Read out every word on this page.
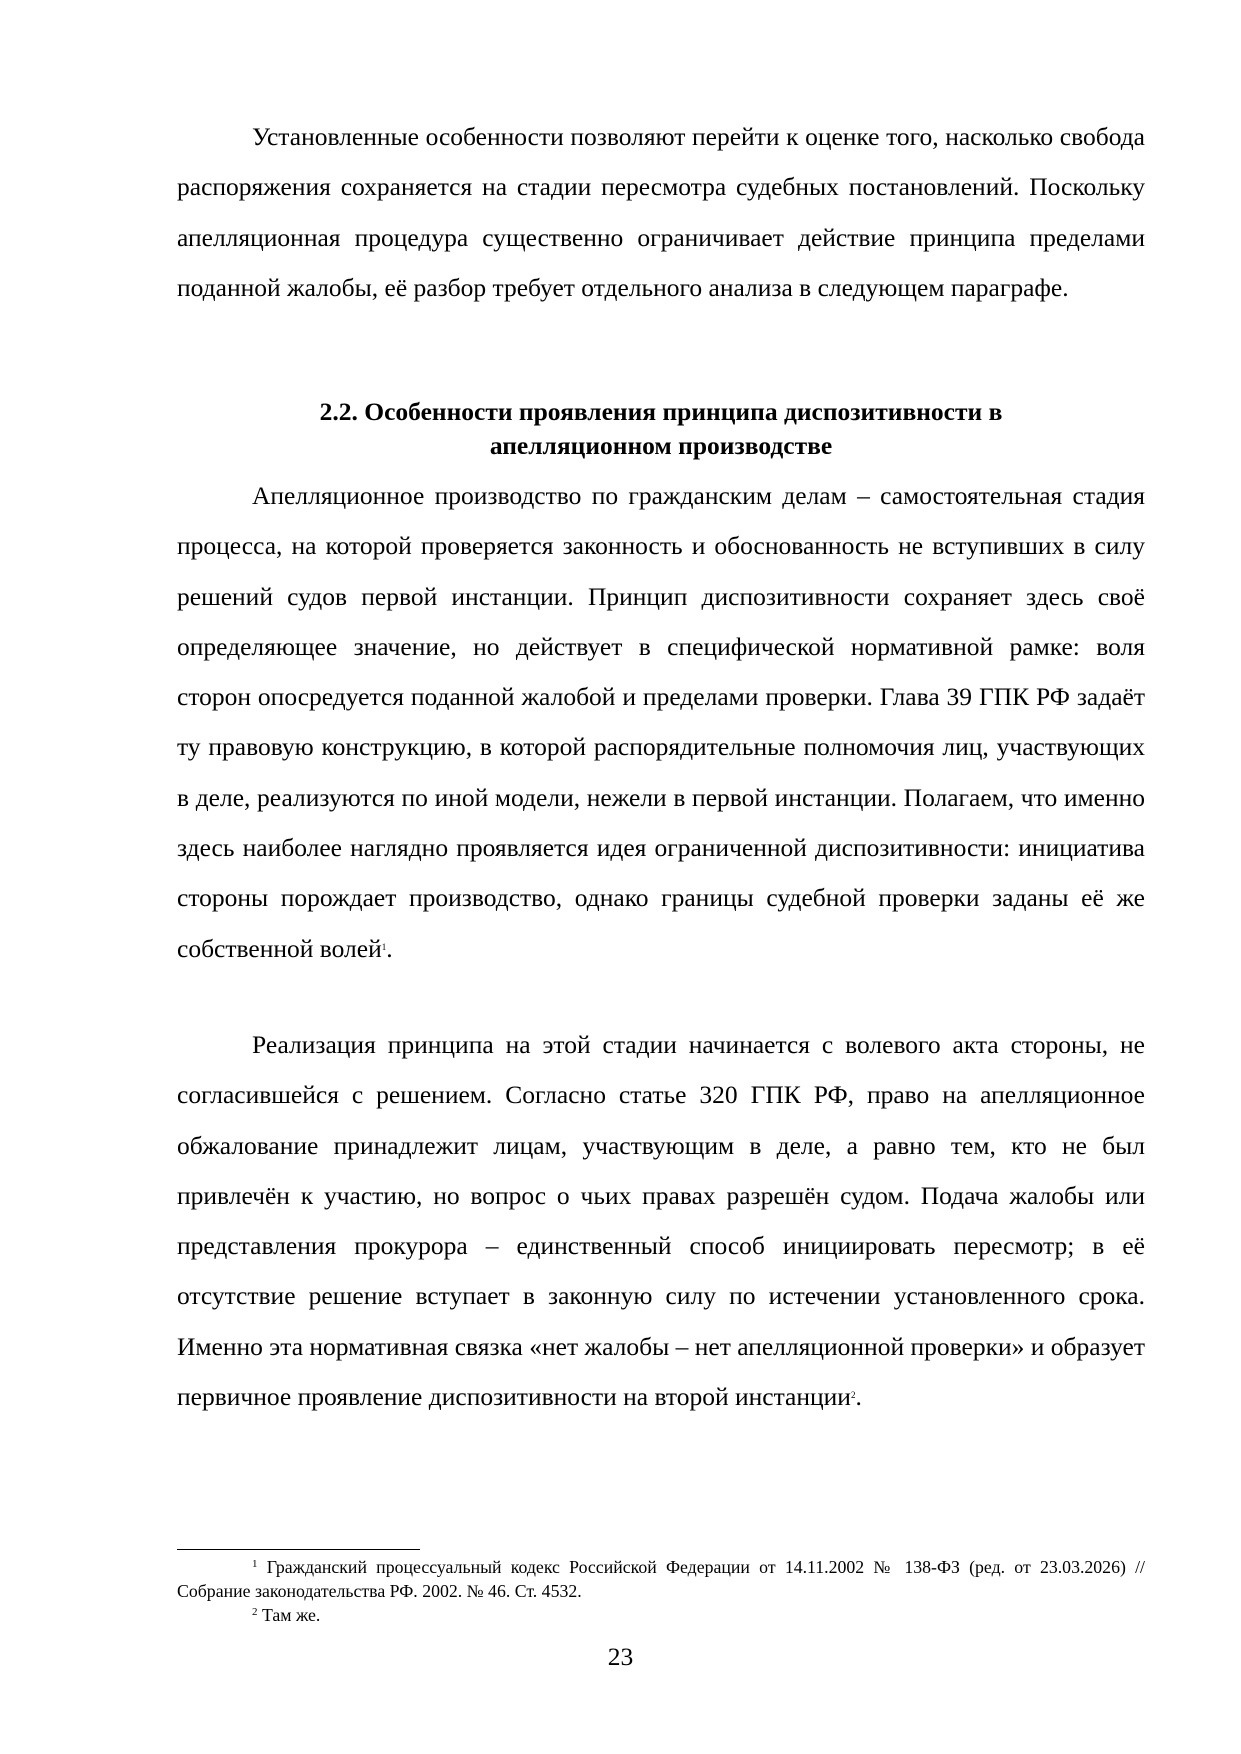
Установленные особенности позволяют перейти к оценке того, насколько свобода распоряжения сохраняется на стадии пересмотра судебных постановлений. Поскольку апелляционная процедура существенно ограничивает действие принципа пределами поданной жалобы, её разбор требует отдельного анализа в следующем параграфе.

2.2. Особенности проявления принципа диспозитивности в
апелляционном производстве

Апелляционное производство по гражданским делам – самостоятельная стадия процесса, на которой проверяется законность и обоснованность не вступивших в силу решений судов первой инстанции. Принцип диспозитивности сохраняет здесь своё определяющее значение, но действует в специфической нормативной рамке: воля сторон опосредуется поданной жалобой и пределами проверки. Глава 39 ГПК РФ задаёт ту правовую конструкцию, в которой распорядительные полномочия лиц, участвующих в деле, реализуются по иной модели, нежели в первой инстанции. Полагаем, что именно здесь наиболее наглядно проявляется идея ограниченной диспозитивности: инициатива стороны порождает производство, однако границы судебной проверки заданы её же собственной волей$^1$.

Реализация принципа на этой стадии начинается с волевого акта стороны, не согласившейся с решением. Согласно статье 320 ГПК РФ, право на апелляционное обжалование принадлежит лицам, участвующим в деле, а равно тем, кто не был привлечён к участию, но вопрос о чьих правах разрешён судом. Подача жалобы или представления прокурора – единственный способ инициировать пересмотр; в её отсутствие решение вступает в законную силу по истечении установленного срока. Именно эта нормативная связка «нет жалобы – нет апелляционной проверки» и образует первичное проявление диспозитивности на второй инстанции$^2$.

$^1$ Гражданский процессуальный кодекс Российской Федерации от 14.11.2002 № 138-ФЗ (ред. от 23.03.2026) // Собрание законодательства РФ. 2002. № 46. Ст. 4532.

$^2$ Там же.

23
